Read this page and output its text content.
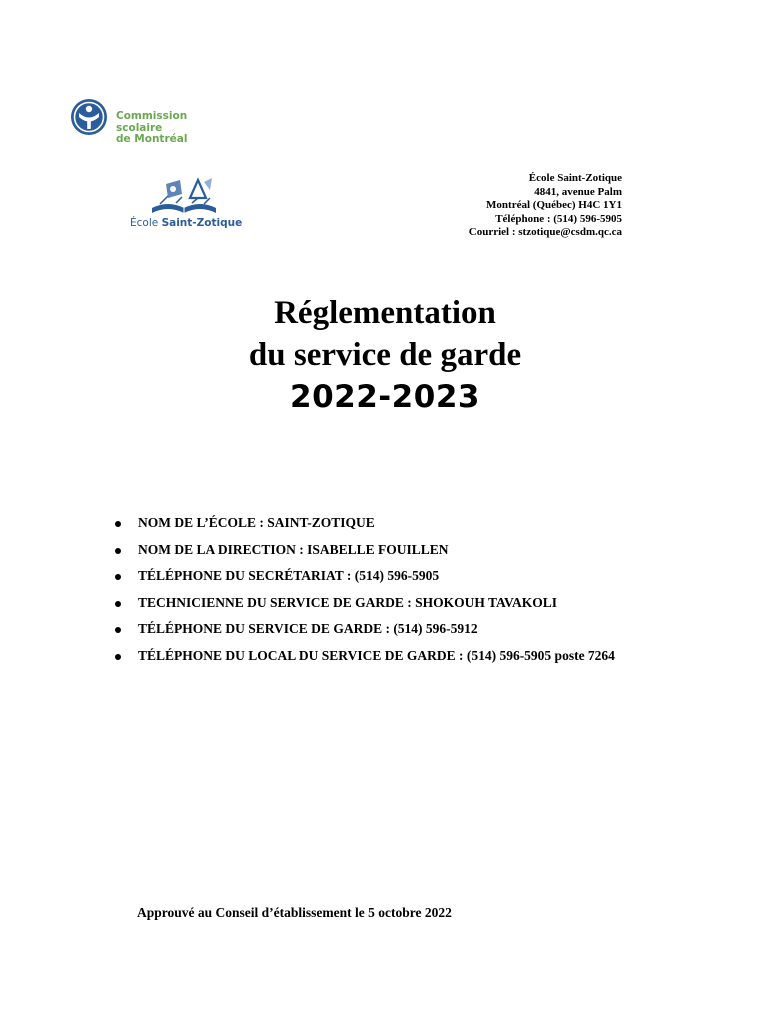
Commission
scolaire
de Montréal
École Saint-Zotique
École Saint-Zotique
4841, avenue Palm
Montréal (Québec) H4C 1Y1
Téléphone : (514) 596-5905
Courriel : stzotique@csdm.qc.ca
Réglementation
du service de garde
2022-2023
NOM DE L’ÉCOLE : SAINT-ZOTIQUE
NOM DE LA DIRECTION : ISABELLE FOUILLEN
TÉLÉPHONE DU SECRÉTARIAT : (514) 596-5905
TECHNICIENNE DU SERVICE DE GARDE : SHOKOUH TAVAKOLI
TÉLÉPHONE DU SERVICE DE GARDE : (514) 596-5912
TÉLÉPHONE DU LOCAL DU SERVICE DE GARDE : (514) 596-5905 poste 7264
Approuvé au Conseil d’établissement le 5 octobre 2022
